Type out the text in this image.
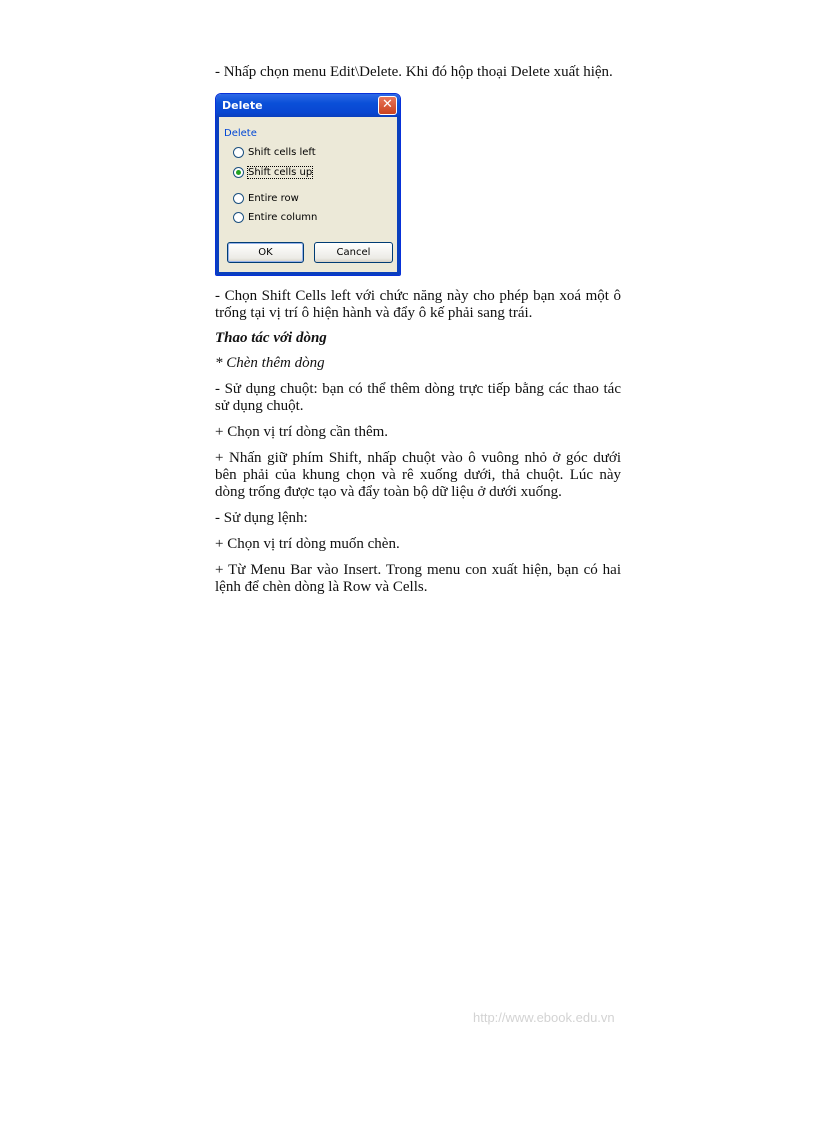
- Nhấp chọn menu Edit\Delete. Khi đó hộp thoại Delete xuất hiện.

Delete	✕
Delete
Shift cells left
Shift cells up
Entire row
Entire column
OK	Cancel

- Chọn Shift Cells left với chức năng này cho phép bạn xoá một ô trống tại vị trí ô hiện hành và đẩy ô kế phải sang trái.

Thao tác với dòng

* Chèn thêm dòng

- Sử dụng chuột: bạn có thể thêm dòng trực tiếp bằng các thao tác sử dụng chuột.

+ Chọn vị trí dòng cần thêm.

+ Nhấn giữ phím Shift, nhấp chuột vào ô vuông nhỏ ở góc dưới bên phải của khung chọn và rê xuống dưới, thả chuột. Lúc này dòng trống được tạo và đẩy toàn bộ dữ liệu ở dưới xuống.

- Sử dụng lệnh:

+ Chọn vị trí dòng muốn chèn.

+ Từ Menu Bar vào Insert. Trong menu con xuất hiện, bạn có hai lệnh để chèn dòng là Row và Cells.

http://www.ebook.edu.vn
